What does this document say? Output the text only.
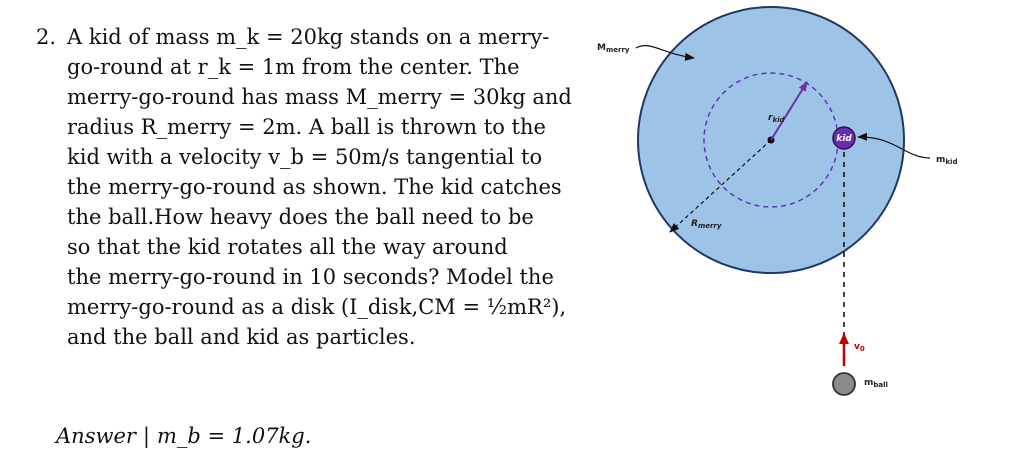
2. A kid of mass m_k = 20kg stands on a merry-
go-round at r_k = 1m from the center. The
merry-go-round has mass M_merry = 30kg and
radius R_merry = 2m. A ball is thrown to the
kid with a velocity v_b = 50m/s tangential to
the merry-go-round as shown. The kid catches
the ball.How heavy does the ball need to be
so that the kid rotates all the way around
the merry-go-round in 10 seconds? Model the
merry-go-round as a disk (I_disk,CM = ½mR²),
and the ball and kid as particles.
Answer | m_b = 1.07kg.
$M_{merry}$
$r_{kid}$
kid
$m_{kid}$
$R_{merry}$
$v_0$
$m_{ball}$
